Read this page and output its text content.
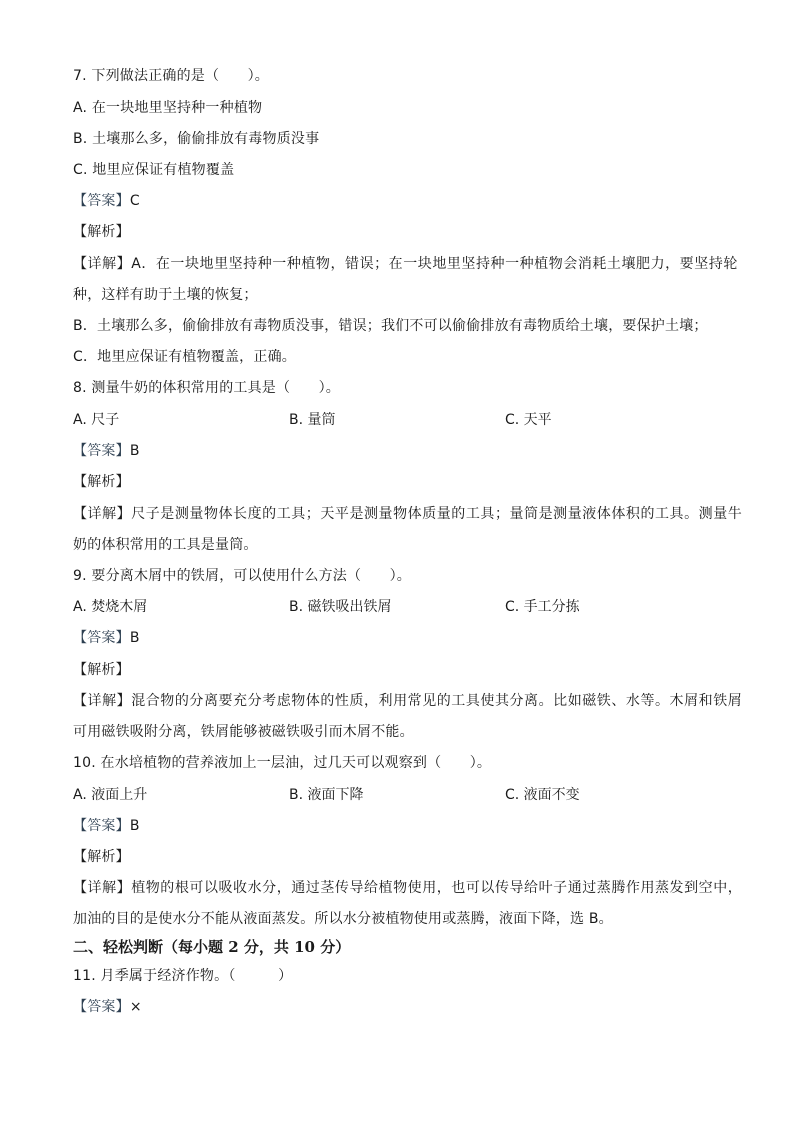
7. 下列做法正确的是（　　）。
A. 在一块地里坚持种一种植物
B. 土壤那么多，偷偷排放有毒物质没事
C. 地里应保证有植物覆盖
【答案】C
【解析】
【详解】A．在一块地里坚持种一种植物，错误；在一块地里坚持种一种植物会消耗土壤肥力，要坚持轮
种，这样有助于土壤的恢复；
B．土壤那么多，偷偷排放有毒物质没事，错误；我们不可以偷偷排放有毒物质给土壤，要保护土壤；
C．地里应保证有植物覆盖，正确。
8. 测量牛奶的体积常用的工具是（　　）。
A. 尺子	B. 量筒	C. 天平
【答案】B
【解析】
【详解】尺子是测量物体长度的工具；天平是测量物体质量的工具；量筒是测量液体体积的工具。测量牛
奶的体积常用的工具是量筒。
9. 要分离木屑中的铁屑，可以使用什么方法（　　）。
A. 焚烧木屑	B. 磁铁吸出铁屑	C. 手工分拣
【答案】B
【解析】
【详解】混合物的分离要充分考虑物体的性质，利用常见的工具使其分离。比如磁铁、水等。木屑和铁屑
可用磁铁吸附分离，铁屑能够被磁铁吸引而木屑不能。
10. 在水培植物的营养液加上一层油，过几天可以观察到（　　）。
A. 液面上升	B. 液面下降	C. 液面不变
【答案】B
【解析】
【详解】植物的根可以吸收水分，通过茎传导给植物使用，也可以传导给叶子通过蒸腾作用蒸发到空中，
加油的目的是使水分不能从液面蒸发。所以水分被植物使用或蒸腾，液面下降，选 B。
二、轻松判断（每小题 2 分，共 10 分）
11. 月季属于经济作物。（　　　）
【答案】×
